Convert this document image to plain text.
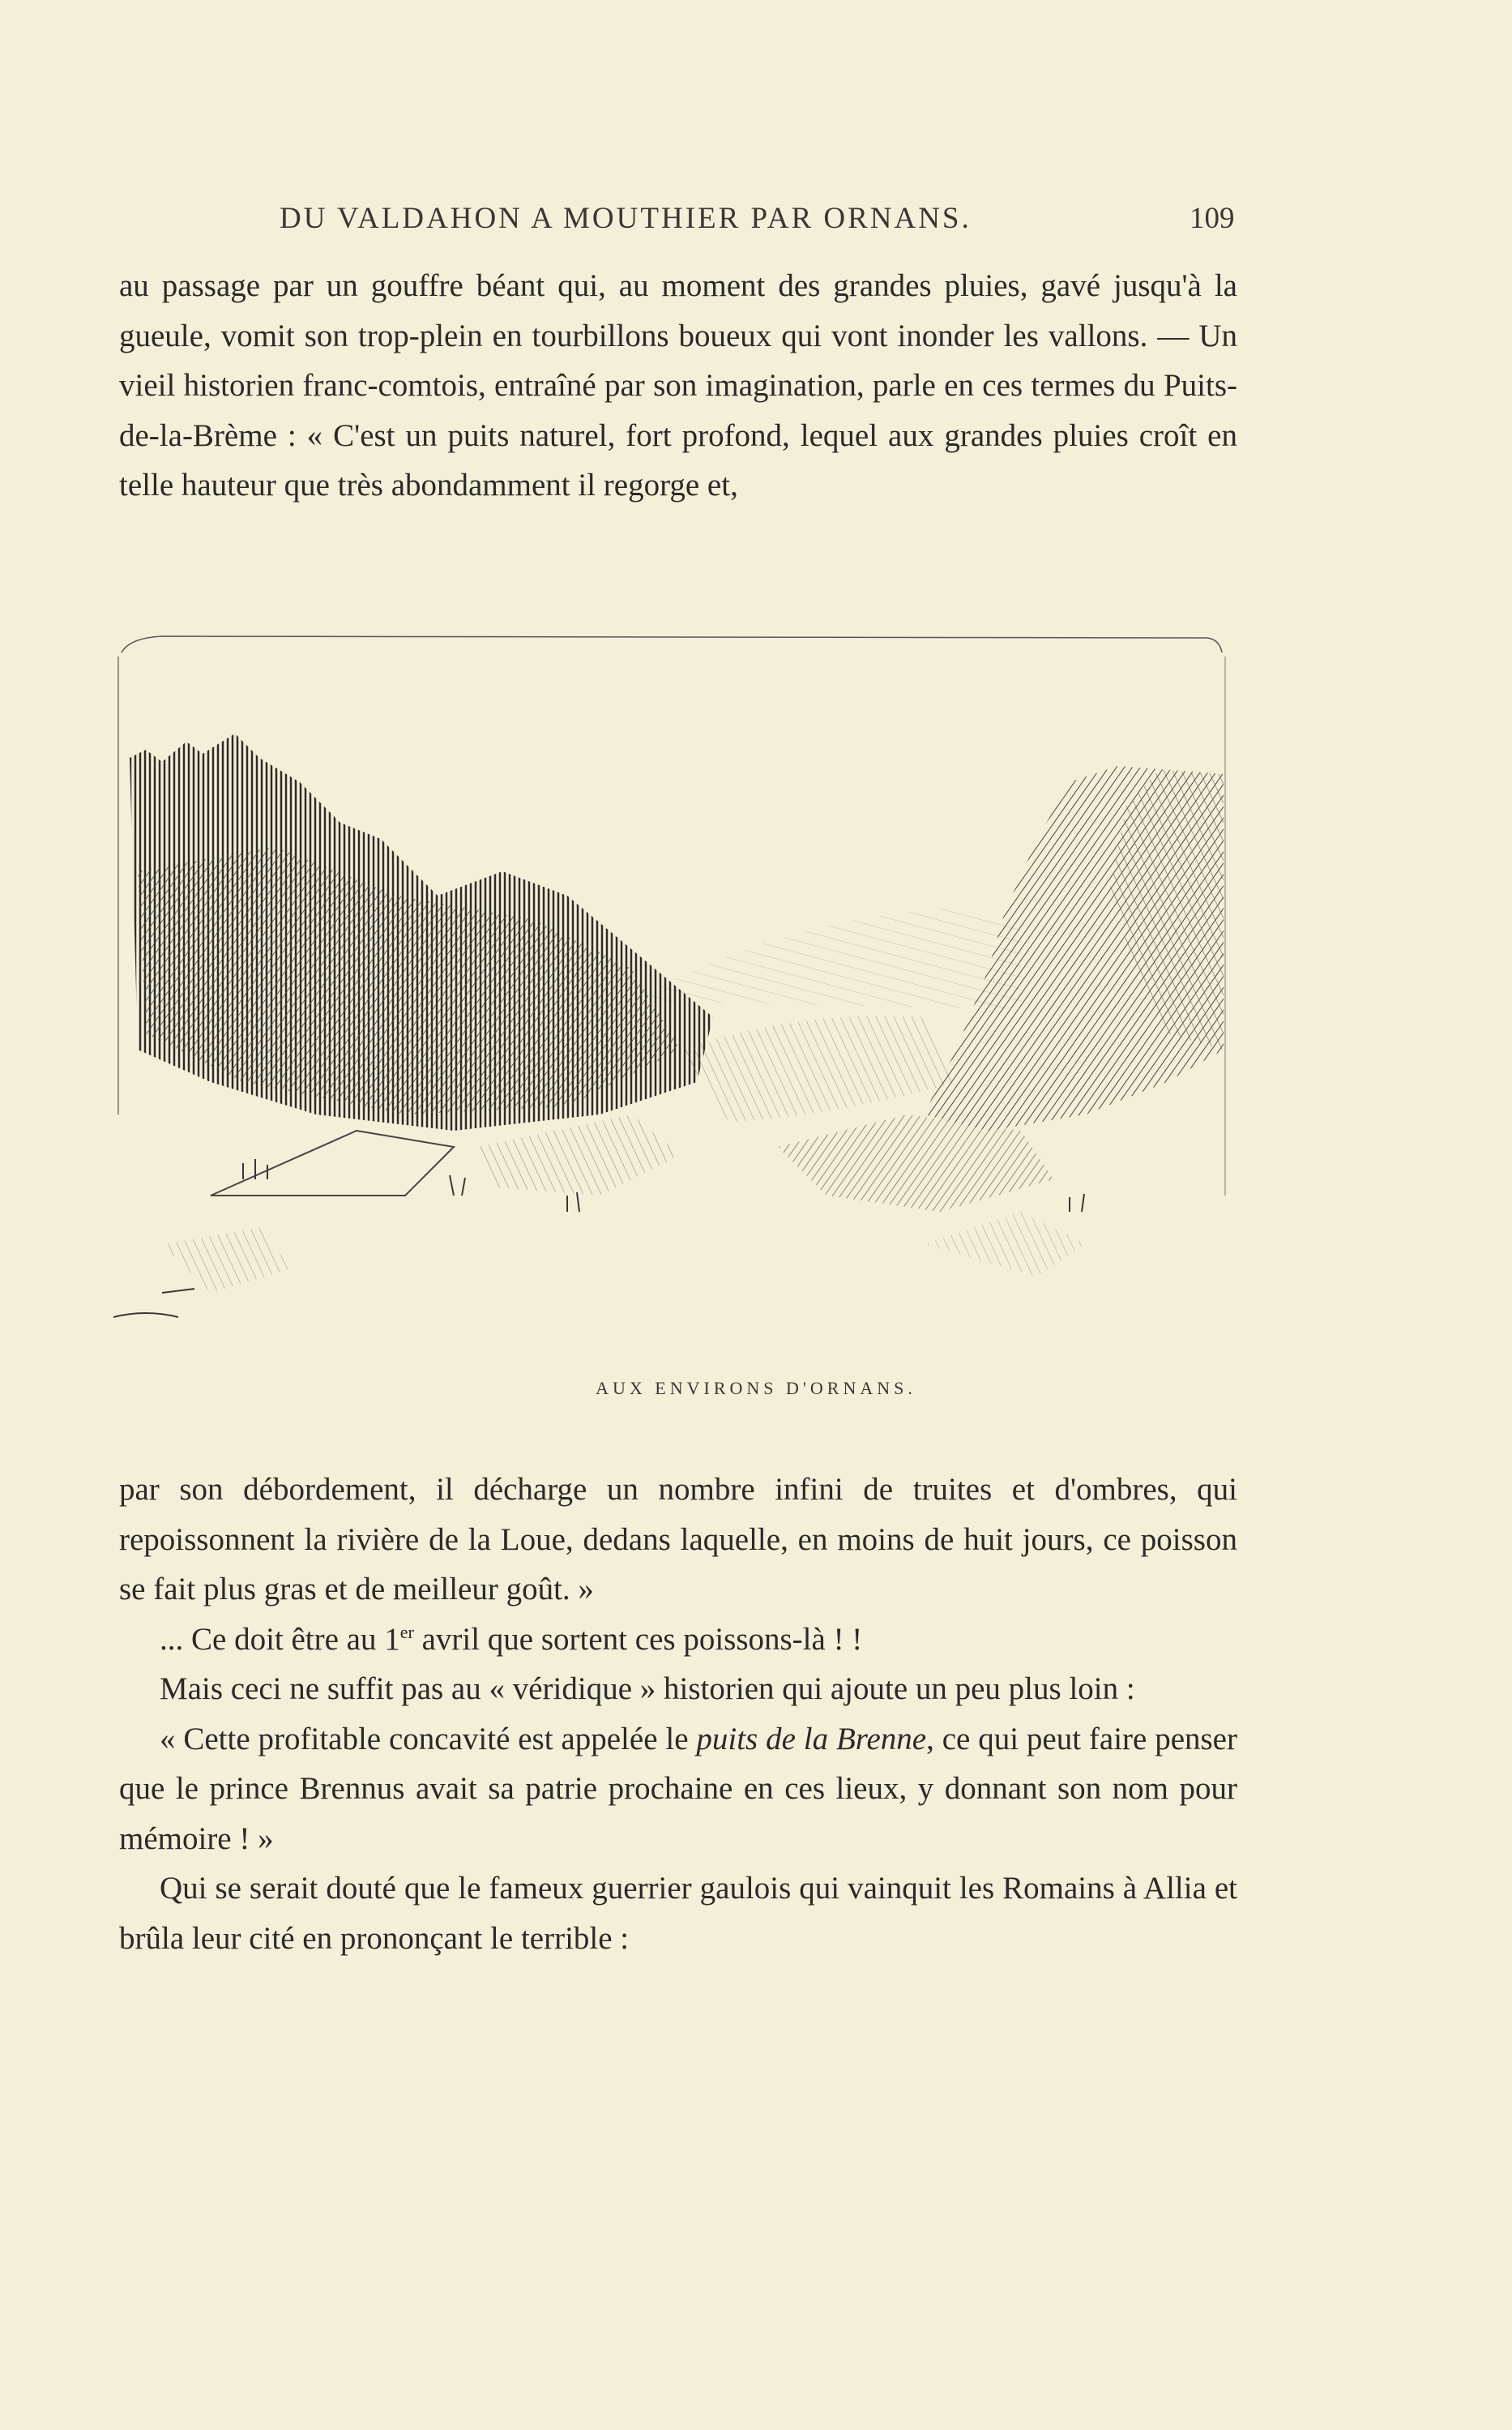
DU VALDAHON A MOUTHIER PAR ORNANS.	109

au passage par un gouffre béant qui, au moment des grandes pluies, gavé jusqu'à la gueule, vomit son trop-plein en tourbillons boueux qui vont inonder les vallons. — Un vieil historien franc-comtois, entraîné par son imagination, parle en ces termes du Puits-de-la-Brème : « C'est un puits naturel, fort profond, lequel aux grandes pluies croît en telle hauteur que très abondamment il regorge et,

AUX ENVIRONS D'ORNANS.

par son débordement, il décharge un nombre infini de truites et d'ombres, qui repoissonnent la rivière de la Loue, dedans laquelle, en moins de huit jours, ce poisson se fait plus gras et de meilleur goût. »

... Ce doit être au 1er avril que sortent ces poissons-là ! !

Mais ceci ne suffit pas au « véridique » historien qui ajoute un peu plus loin :

« Cette profitable concavité est appelée le puits de la Brenne, ce qui peut faire penser que le prince Brennus avait sa patrie prochaine en ces lieux, y donnant son nom pour mémoire ! »

Qui se serait douté que le fameux guerrier gaulois qui vainquit les Romains à Allia et brûla leur cité en prononçant le terrible :
